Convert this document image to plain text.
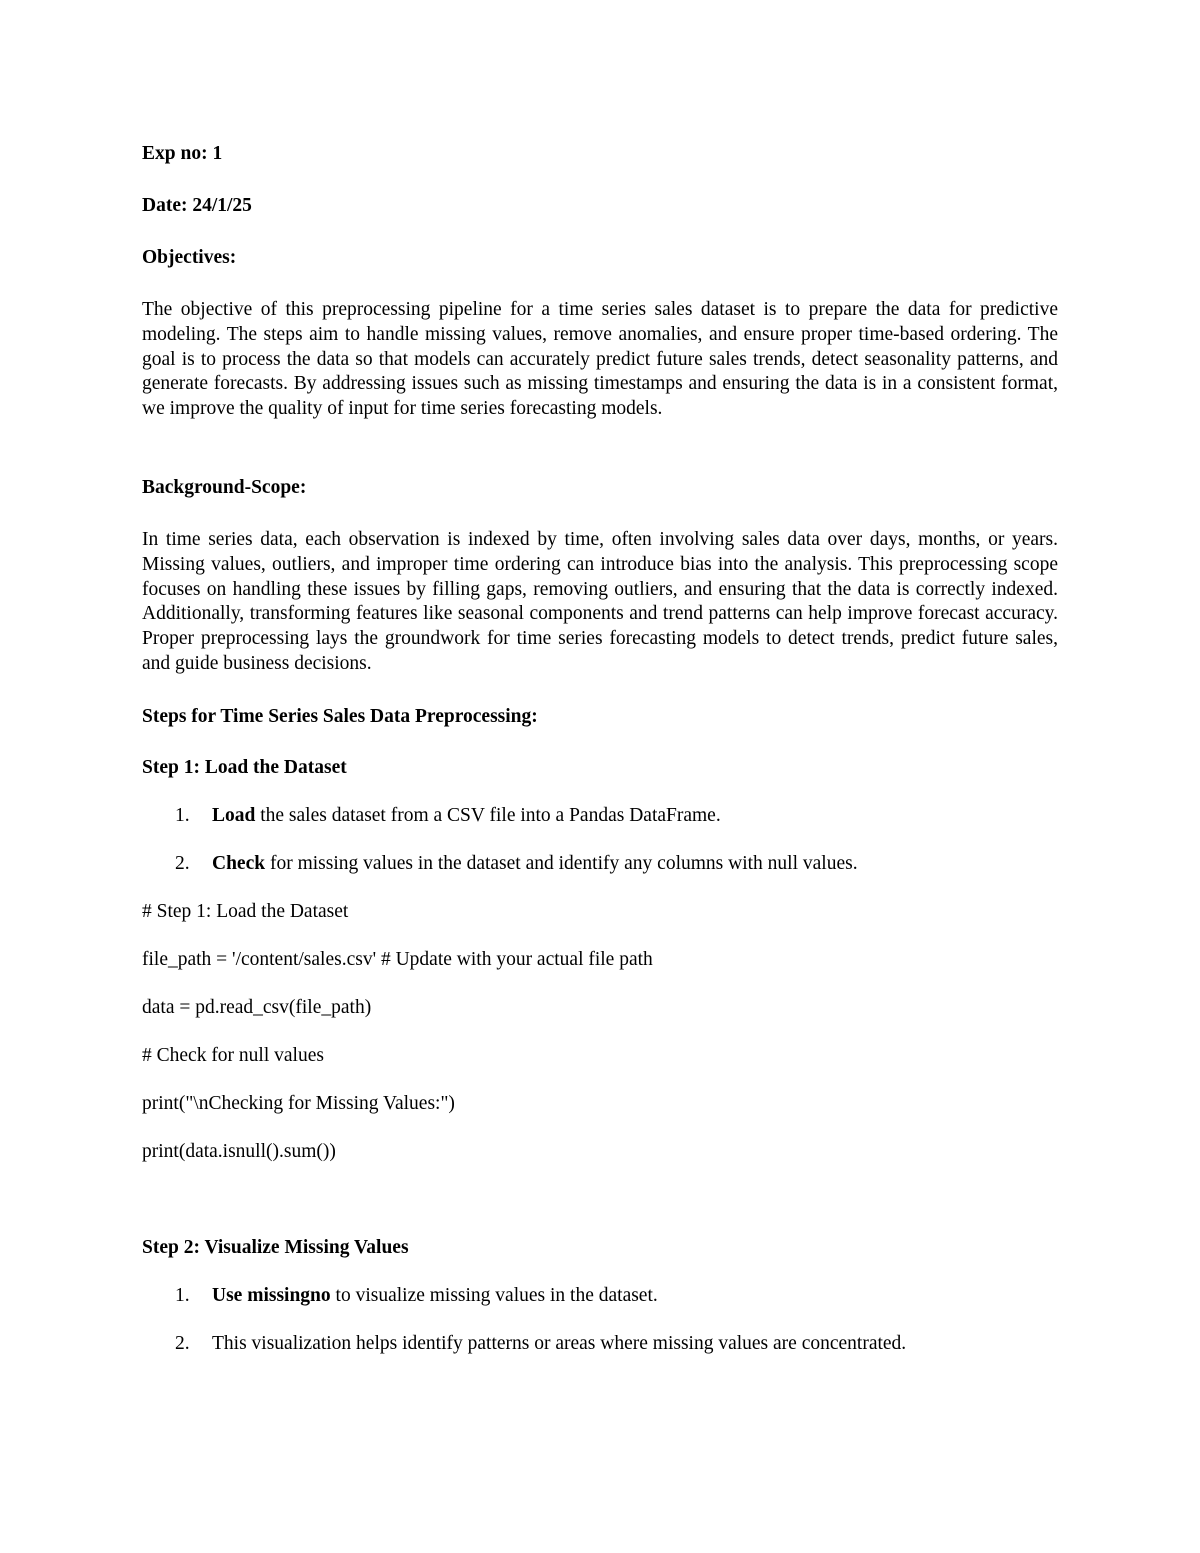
Exp no: 1
Date: 24/1/25
Objectives:
The objective of this preprocessing pipeline for a time series sales dataset is to prepare the data for predictive modeling. The steps aim to handle missing values, remove anomalies, and ensure proper time-based ordering. The goal is to process the data so that models can accurately predict future sales trends, detect seasonality patterns, and generate forecasts. By addressing issues such as missing timestamps and ensuring the data is in a consistent format, we improve the quality of input for time series forecasting models.
Background-Scope:
In time series data, each observation is indexed by time, often involving sales data over days, months, or years. Missing values, outliers, and improper time ordering can introduce bias into the analysis. This preprocessing scope focuses on handling these issues by filling gaps, removing outliers, and ensuring that the data is correctly indexed. Additionally, transforming features like seasonal components and trend patterns can help improve forecast accuracy. Proper preprocessing lays the groundwork for time series forecasting models to detect trends, predict future sales, and guide business decisions.
Steps for Time Series Sales Data Preprocessing:
Step 1: Load the Dataset
1. Load the sales dataset from a CSV file into a Pandas DataFrame.
2. Check for missing values in the dataset and identify any columns with null values.
# Step 1: Load the Dataset
file_path = '/content/sales.csv' # Update with your actual file path
data = pd.read_csv(file_path)
# Check for null values
print("\nChecking for Missing Values:")
print(data.isnull().sum())
Step 2: Visualize Missing Values
1. Use missingno to visualize missing values in the dataset.
2. This visualization helps identify patterns or areas where missing values are concentrated.
